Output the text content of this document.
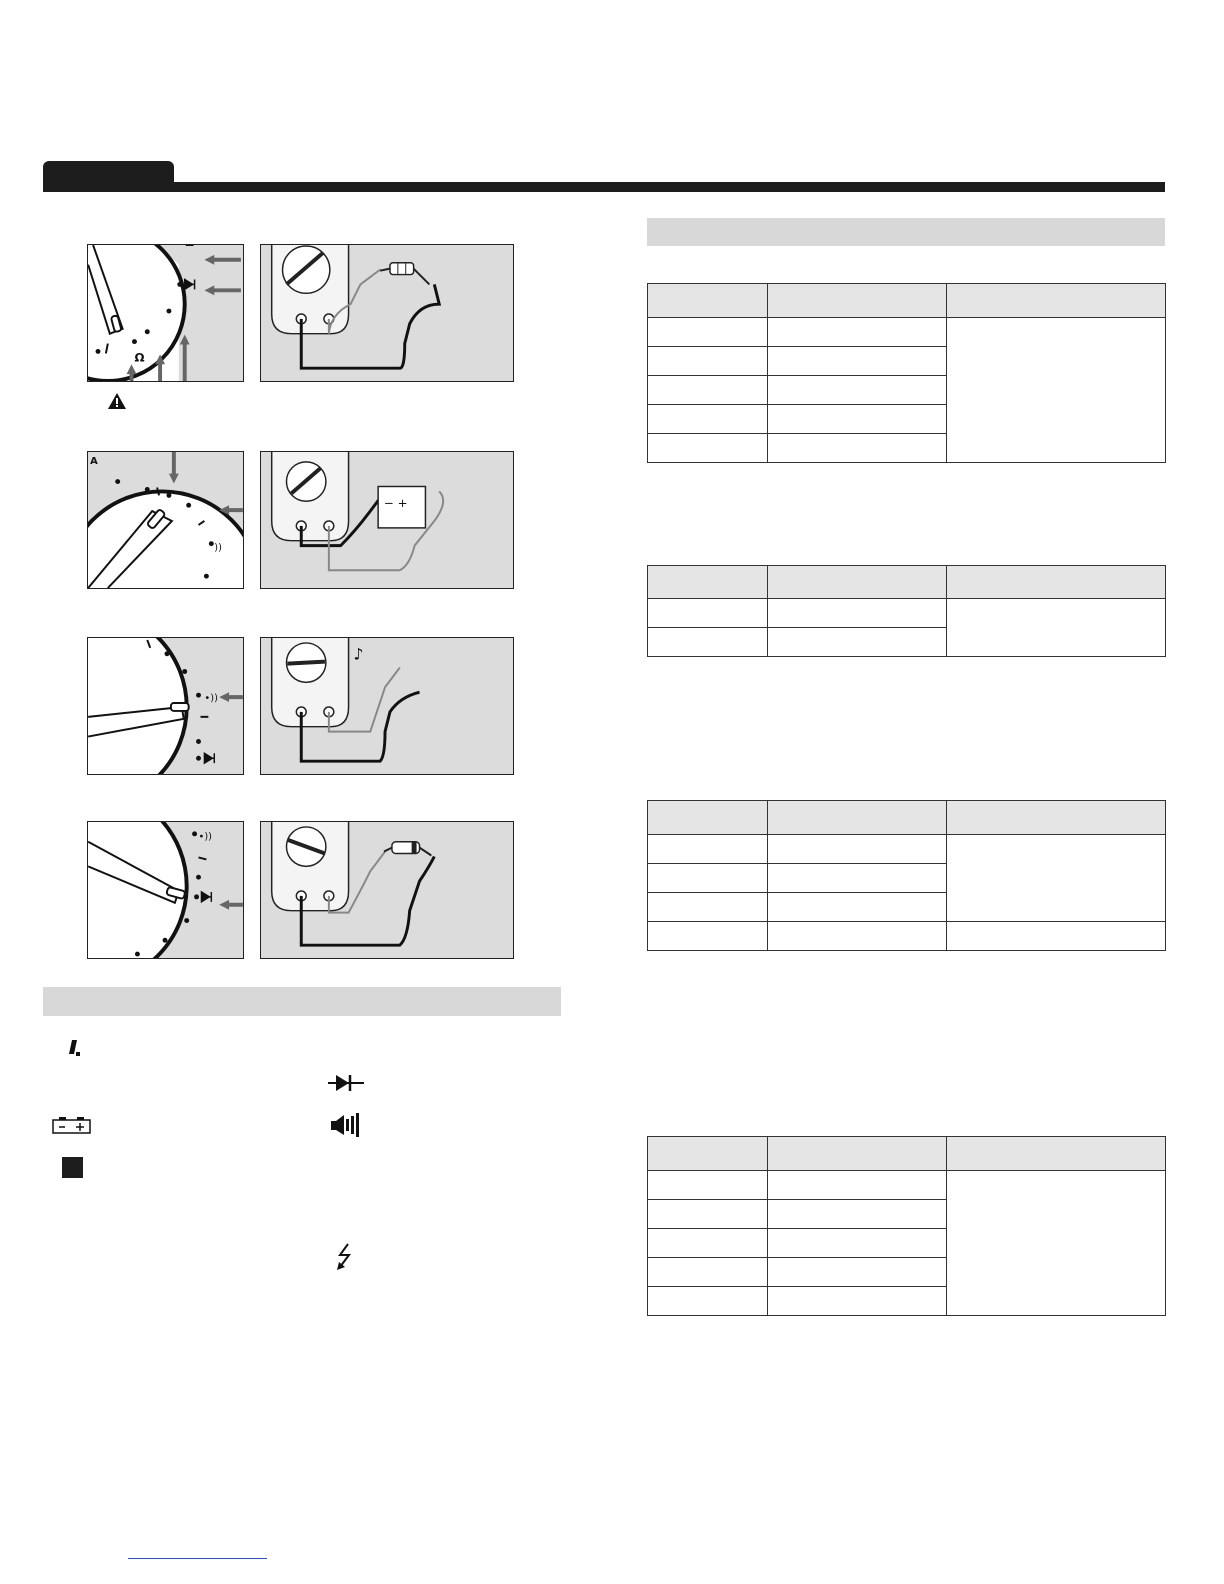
Ω
))
A
− +
•))
♪
•))
